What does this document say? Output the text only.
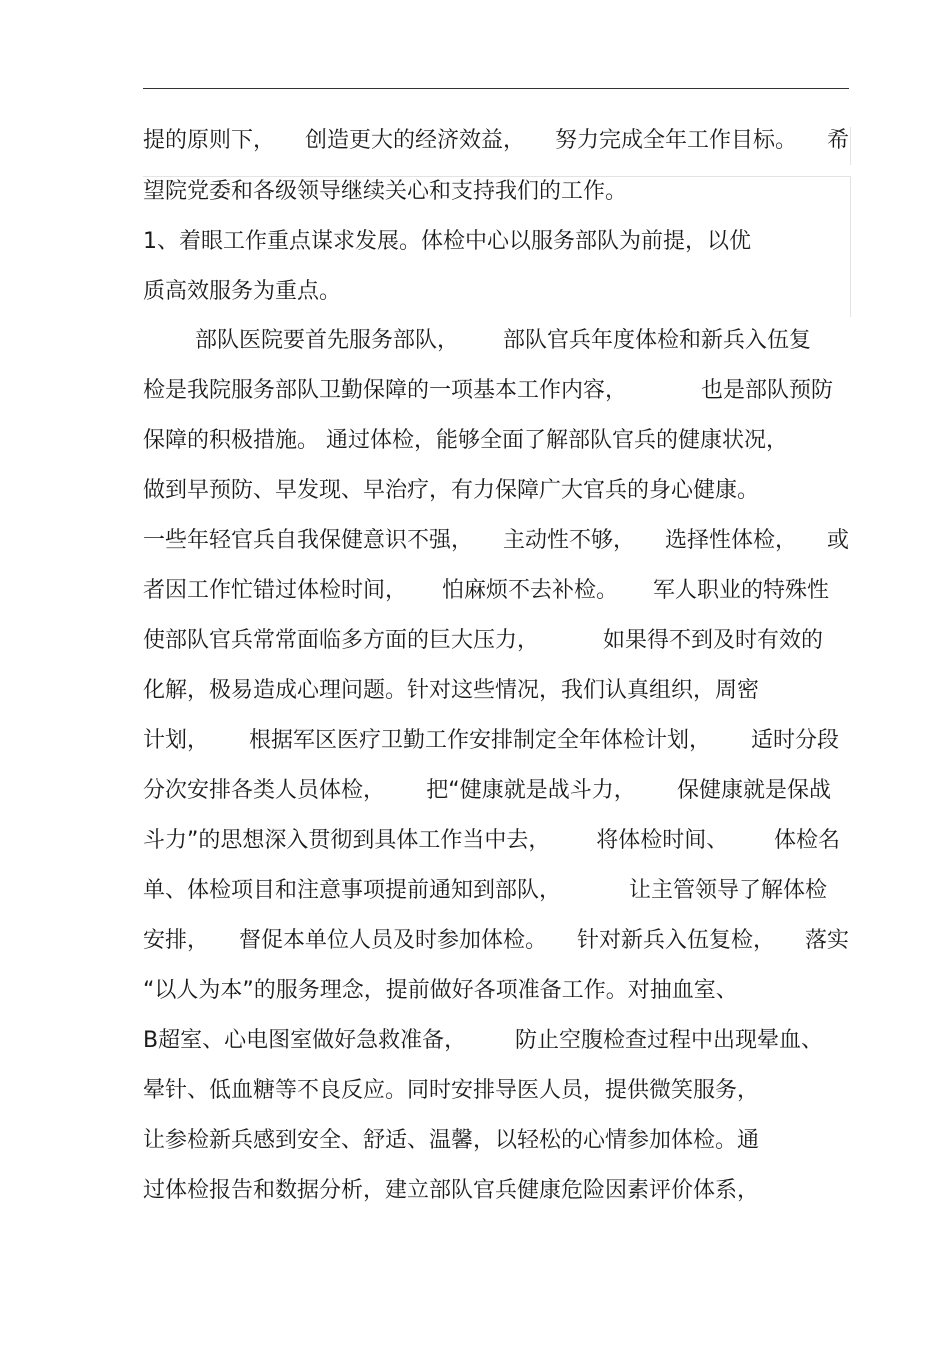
提的原则下， 创造更大的经济效益， 努力完成全年工作目标。 希
望院党委和各级领导继续关心和支持我们的工作。
1、着眼工作重点谋求发展。体检中心以服务部队为前提，以优
质高效服务为重点。
部队医院要首先服务部队， 部队官兵年度体检和新兵入伍复
检是我院服务部队卫勤保障的一项基本工作内容，	也是部队预防
保障的积极措施。 通过体检，能够全面了解部队官兵的健康状况，
做到早预防、早发现、早治疗，有力保障广大官兵的身心健康。
一些年轻官兵自我保健意识不强， 主动性不够， 选择性体检， 或
者因工作忙错过体检时间， 怕麻烦不去补检。 军人职业的特殊性
使部队官兵常常面临多方面的巨大压力，	如果得不到及时有效的
化解，极易造成心理问题。针对这些情况，我们认真组织，周密
计划， 根据军区医疗卫勤工作安排制定全年体检计划， 适时分段
分次安排各类人员体检， 把“健康就是战斗力， 保健康就是保战
斗力”的思想深入贯彻到具体工作当中去， 将体检时间、 体检名
单、体检项目和注意事项提前通知到部队，	让主管领导了解体检
安排， 督促本单位人员及时参加体检。 针对新兵入伍复检， 落实
“以人为本”的服务理念，提前做好各项准备工作。对抽血室、
B超室、心电图室做好急救准备， 防止空腹检查过程中出现晕血、
晕针、低血糖等不良反应。同时安排导医人员，提供微笑服务，
让参检新兵感到安全、舒适、温馨，以轻松的心情参加体检。通
过体检报告和数据分析，建立部队官兵健康危险因素评价体系，
